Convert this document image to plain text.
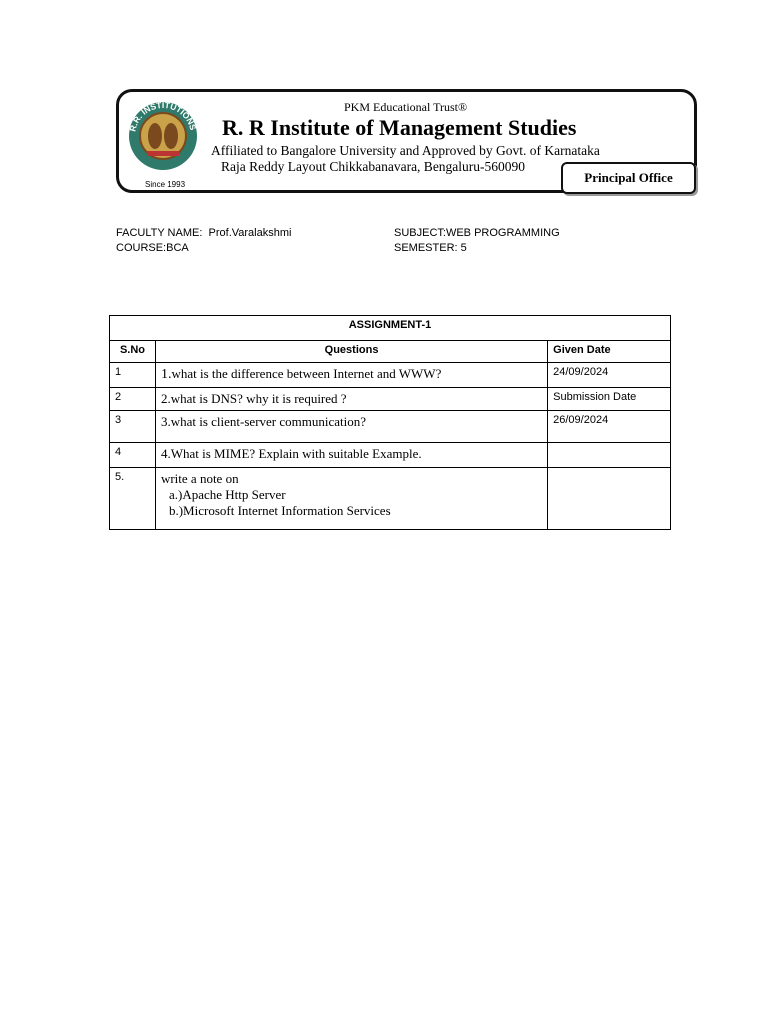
R.R. INSTITUTIONS
Since 1993
PKM Educational Trust®
R. R Institute of Management Studies
Affiliated to Bangalore University and Approved by Govt. of Karnataka
Raja Reddy Layout Chikkabanavara, Bengaluru-560090
Principal Office
FACULTY NAME: Prof.Varalakshmi
COURSE:BCA
SUBJECT:WEB PROGRAMMING
SEMESTER: 5
ASSIGNMENT-1		
S.No	Questions	Given Date
1	1.what is the difference between Internet and WWW?	24/09/2024
2	2.what is DNS? why it is required ?	Submission Date
3	3.what is client-server communication?	26/09/2024
4	4.What is MIME? Explain with suitable Example.	
5.	write a note on
a.)Apache Http Server
b.)Microsoft Internet Information Services	
